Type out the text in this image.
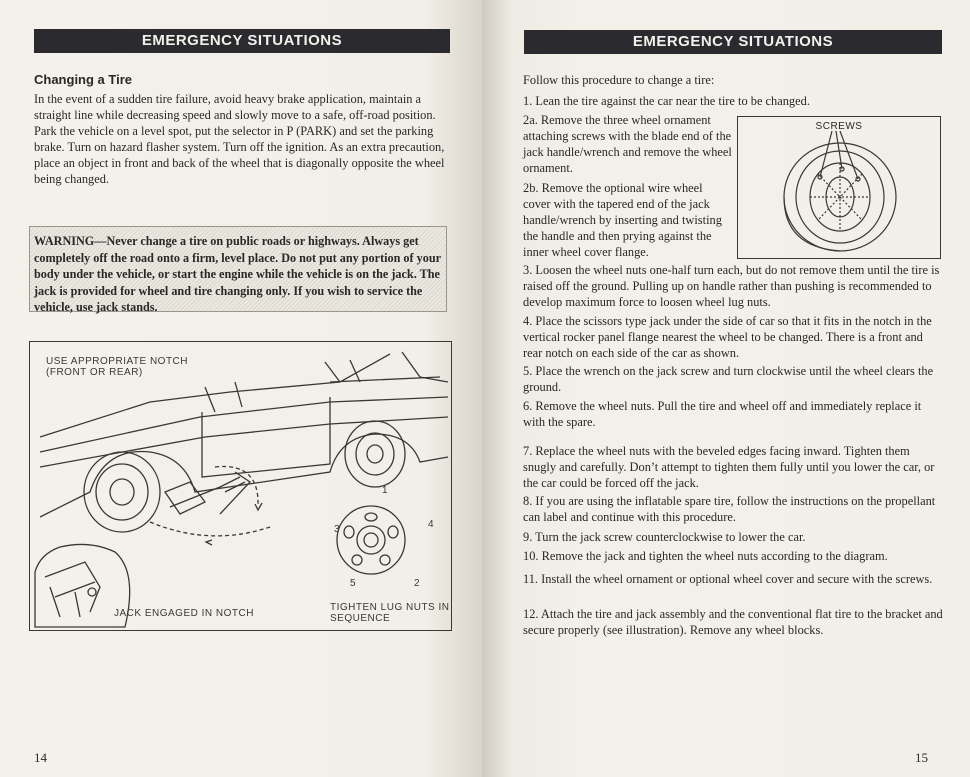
EMERGENCY SITUATIONS
Changing a Tire

In the event of a sudden tire failure, avoid heavy brake application, maintain a straight line while decreasing speed and slowly move to a safe, off-road position. Park the vehicle on a level spot, put the selector in P (PARK) and set the parking brake. Turn on hazard flasher system. Turn off the ignition. As an extra precaution, place an object in front and back of the wheel that is diagonally opposite the wheel being changed.

WARNING—Never change a tire on public roads or highways. Always get completely off the road onto a firm, level place. Do not put any portion of your body under the vehicle, or start the engine while the vehicle is on the jack. The jack is provided for wheel and tire changing only. If you wish to service the vehicle, use jack stands.

USE APPROPRIATE NOTCH (FRONT OR REAR)
JACK ENGAGED IN NOTCH
TIGHTEN LUG NUTS IN SEQUENCE
1
2
3	4
5
14
EMERGENCY SITUATIONS

Follow this procedure to change a tire:

1. Lean the tire against the car near the tire to be changed.

2a. Remove the three wheel ornament attaching screws with the blade end of the jack handle/wrench and remove the wheel ornament.

2b. Remove the optional wire wheel cover with the tapered end of the jack handle/wrench by inserting and twisting the handle and then prying against the inner wheel cover flange.

SCREWS

3. Loosen the wheel nuts one-half turn each, but do not remove them until the tire is raised off the ground. Pulling up on handle rather than pushing is recommended to develop maximum force to loosen wheel lug nuts.

4. Place the scissors type jack under the side of car so that it fits in the notch in the vertical rocker panel flange nearest the wheel to be changed. There is a front and rear notch on each side of the car as shown.

5. Place the wrench on the jack screw and turn clockwise until the wheel clears the ground.

6. Remove the wheel nuts. Pull the tire and wheel off and immediately replace it with the spare.

7. Replace the wheel nuts with the beveled edges facing inward. Tighten them snugly and carefully. Don’t attempt to tighten them fully until you lower the car, or the car could be forced off the jack.

8. If you are using the inflatable spare tire, follow the instructions on the propellant can label and continue with this procedure.

9. Turn the jack screw counterclockwise to lower the car.

10. Remove the jack and tighten the wheel nuts according to the diagram.

11. Install the wheel ornament or optional wheel cover and secure with the screws.

12. Attach the tire and jack assembly and the conventional flat tire to the bracket and secure properly (see illustration). Remove any wheel blocks.

15
